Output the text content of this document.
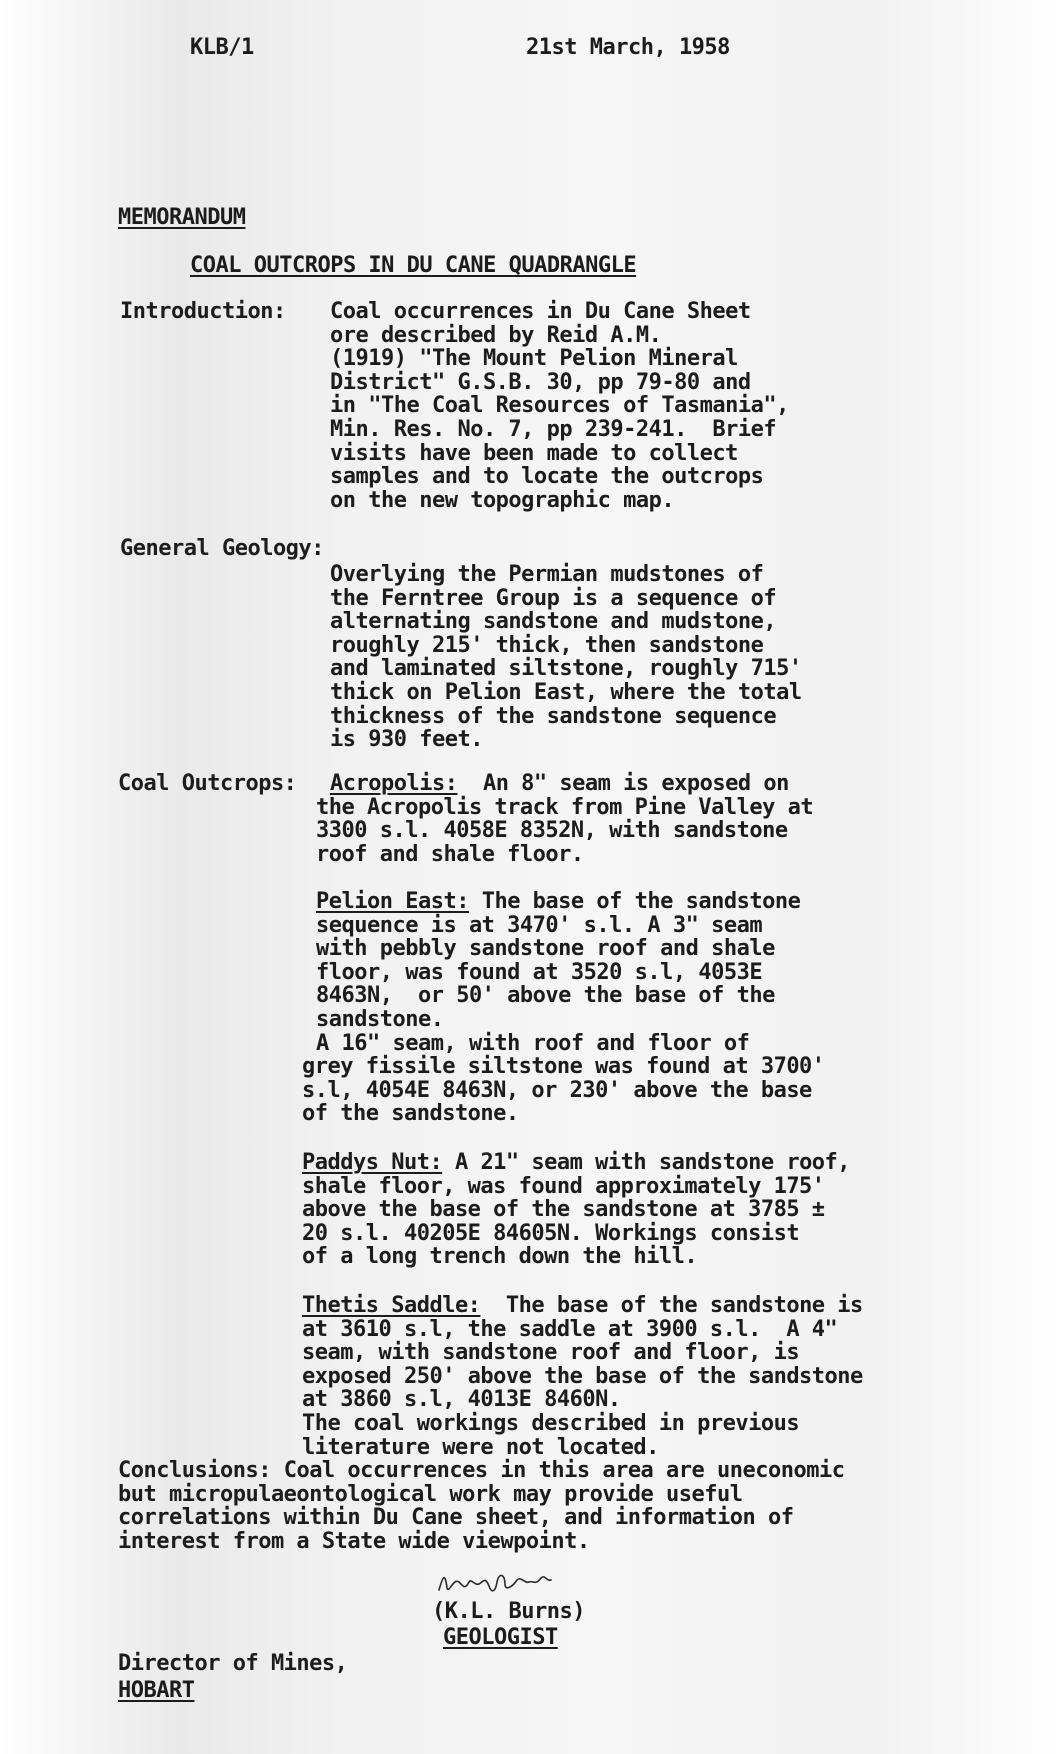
KLB/1	21st March, 1958

MEMORANDUM

COAL OUTCROPS IN DU CANE QUADRANGLE

Introduction: Coal occurrences in Du Cane Sheet

ore described by Reid A.M.

(1919) "The Mount Pelion Mineral

District" G.S.B. 30, pp 79-80 and

in "The Coal Resources of Tasmania",

Min. Res. No. 7, pp 239-241.  Brief

visits have been made to collect

samples and to locate the outcrops

on the new topographic map.

General Geology:

Overlying the Permian mudstones of

the Ferntree Group is a sequence of

alternating sandstone and mudstone,

roughly 215' thick, then sandstone

and laminated siltstone, roughly 715'

thick on Pelion East, where the total

thickness of the sandstone sequence

is 930 feet.

Coal Outcrops: Acropolis:  An 8" seam is exposed on

the Acropolis track from Pine Valley at

3300 s.l. 4058E 8352N, with sandstone

roof and shale floor.

Pelion East: The base of the sandstone

sequence is at 3470' s.l. A 3" seam

with pebbly sandstone roof and shale

floor, was found at 3520 s.l, 4053E

8463N,  or 50' above the base of the

sandstone.

A 16" seam, with roof and floor of

grey fissile siltstone was found at 3700'

s.l, 4054E 8463N, or 230' above the base

of the sandstone.

Paddys Nut: A 21" seam with sandstone roof,

shale floor, was found approximately 175'

above the base of the sandstone at 3785 ±

20 s.l. 40205E 84605N. Workings consist

of a long trench down the hill.

Thetis Saddle:  The base of the sandstone is

at 3610 s.l, the saddle at 3900 s.l.  A 4"

seam, with sandstone roof and floor, is

exposed 250' above the base of the sandstone

at 3860 s.l, 4013E 8460N.

The coal workings described in previous

literature were not located.

Conclusions: Coal occurrences in this area are uneconomic

but micropulaeontological work may provide useful

correlations within Du Cane sheet, and information of

interest from a State wide viewpoint.

(K.L. Burns)

GEOLOGIST

Director of Mines,

HOBART
